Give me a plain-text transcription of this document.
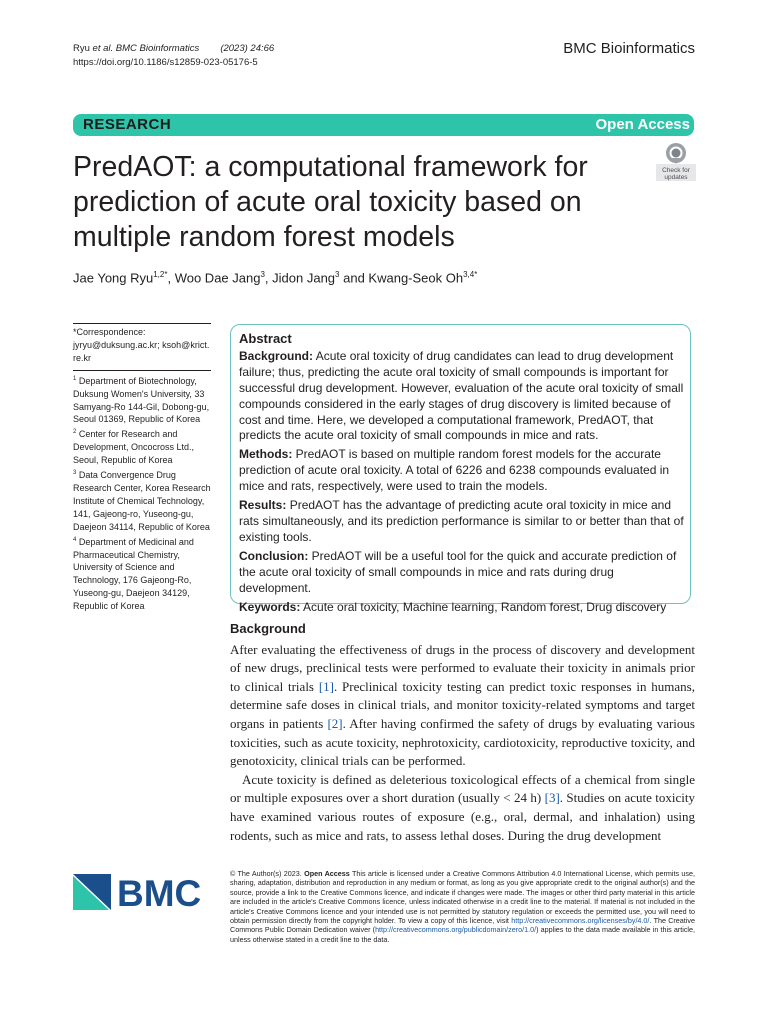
Ryu et al. BMC Bioinformatics (2023) 24:66
https://doi.org/10.1186/s12859-023-05176-5
BMC Bioinformatics
RESEARCH	Open Access
PredAOT: a computational framework for prediction of acute oral toxicity based on multiple random forest models
Check for
updates
Jae Yong Ryu$^{1,2*}$, Woo Dae Jang$^3$, Jidon Jang$^3$ and Kwang‑Seok $Oh^{3,4*}$

*Correspondence:

jyryu@duksung.ac.kr; ksoh@krict.re.kr

$^1$ Department of Biotechnology, Duksung Women's University, 33 Samyang-Ro 144-Gil, Dobong-gu, Seoul 01369, Republic of Korea

$^2$ Center for Research and Development, Oncocross Ltd., Seoul, Republic of Korea

$^3$ Data Convergence Drug Research Center, Korea Research Institute of Chemical Technology, 141, Gajeong-ro, Yuseong-gu, Daejeon 34114, Republic of Korea

$^4$ Department of Medicinal and Pharmaceutical Chemistry, University of Science and Technology, 176 Gajeong-Ro, Yuseong-gu, Daejeon 34129, Republic of Korea

Abstract

Background: Acute oral toxicity of drug candidates can lead to drug development failure; thus, predicting the acute oral toxicity of small compounds is important for successful drug development. However, evaluation of the acute oral toxicity of small compounds considered in the early stages of drug discovery is limited because of cost and time. Here, we developed a computational framework, PredAOT, that predicts the acute oral toxicity of small compounds in mice and rats.

Methods: PredAOT is based on multiple random forest models for the accurate prediction of acute oral toxicity. A total of 6226 and 6238 compounds evaluated in mice and rats, respectively, were used to train the models.

Results: PredAOT has the advantage of predicting acute oral toxicity in mice and rats simultaneously, and its prediction performance is similar to or better than that of existing tools.

Conclusion: PredAOT will be a useful tool for the quick and accurate prediction of the acute oral toxicity of small compounds in mice and rats during drug development.

Keywords: Acute oral toxicity, Machine learning, Random forest, Drug discovery

Background

After evaluating the effectiveness of drugs in the process of discovery and development of new drugs, preclinical tests were performed to evaluate their toxicity in animals prior to clinical trials [1]. Preclinical toxicity testing can predict toxic responses in humans, determine safe doses in clinical trials, and monitor toxicity-related symptoms and target organs in patients [2]. After having confirmed the safety of drugs by evaluating various toxicities, such as acute toxicity, nephrotoxicity, cardiotoxicity, reproductive toxicity, and genotoxicity, clinical trials can be performed.

Acute toxicity is defined as deleterious toxicological effects of a chemical from single or multiple exposures over a short duration (usually < 24 h) [3]. Studies on acute toxicity have examined various routes of exposure (e.g., oral, dermal, and inhalation) using rodents, such as mice and rats, to assess lethal doses. During the drug development

BMC	© The Author(s) 2023. Open Access This article is licensed under a Creative Commons Attribution 4.0 International License, which permits use, sharing, adaptation, distribution and reproduction in any medium or format, as long as you give appropriate credit to the original author(s) and the source, provide a link to the Creative Commons licence, and indicate if changes were made. The images or other third party material in this article are included in the article's Creative Commons licence, unless indicated otherwise in a credit line to the material. If material is not included in the article's Creative Commons licence and your intended use is not permitted by statutory regulation or exceeds the permitted use, you will need to obtain permission directly from the copyright holder. To view a copy of this licence, visit http://creativecommons.org/licenses/by/4.0/. The Creative Commons Public Domain Dedication waiver (http://creativecommons.org/publicdomain/zero/1.0/) applies to the data made available in this article, unless otherwise stated in a credit line to the data.
